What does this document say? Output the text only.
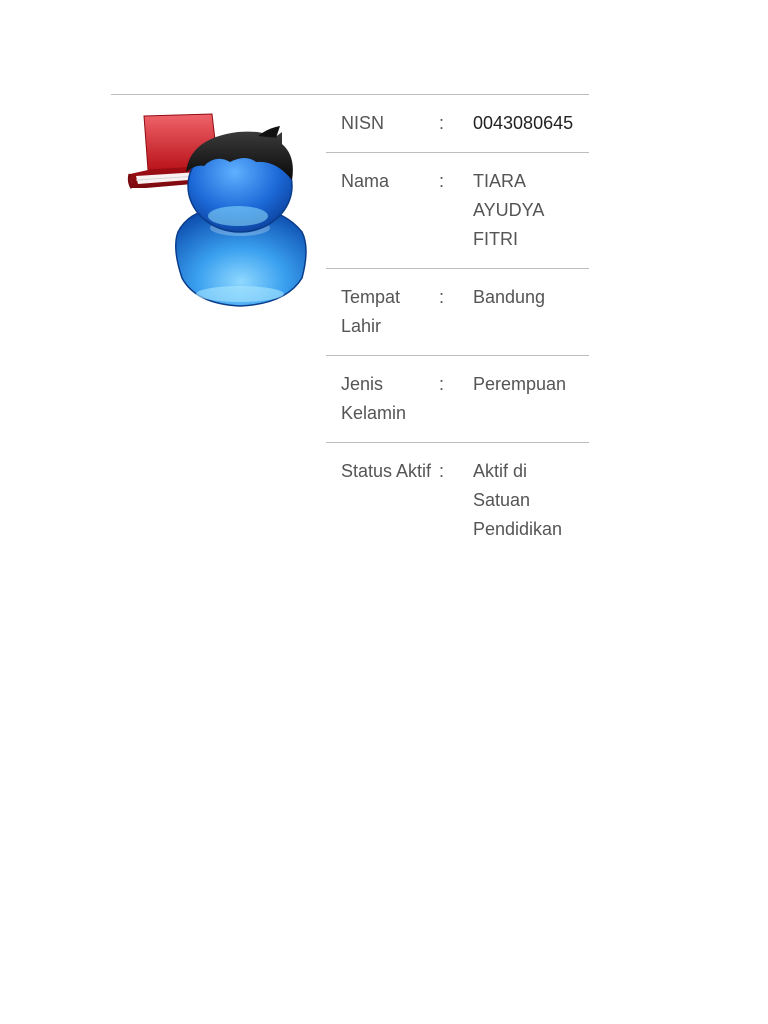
NISN	:	0043080645
Nama	:	TIARA AYUDYA FITRI
Tempat Lahir	:	Bandung
Jenis Kelamin	:	Perempuan
Status Aktif	:	Aktif di Satuan Pendidikan
